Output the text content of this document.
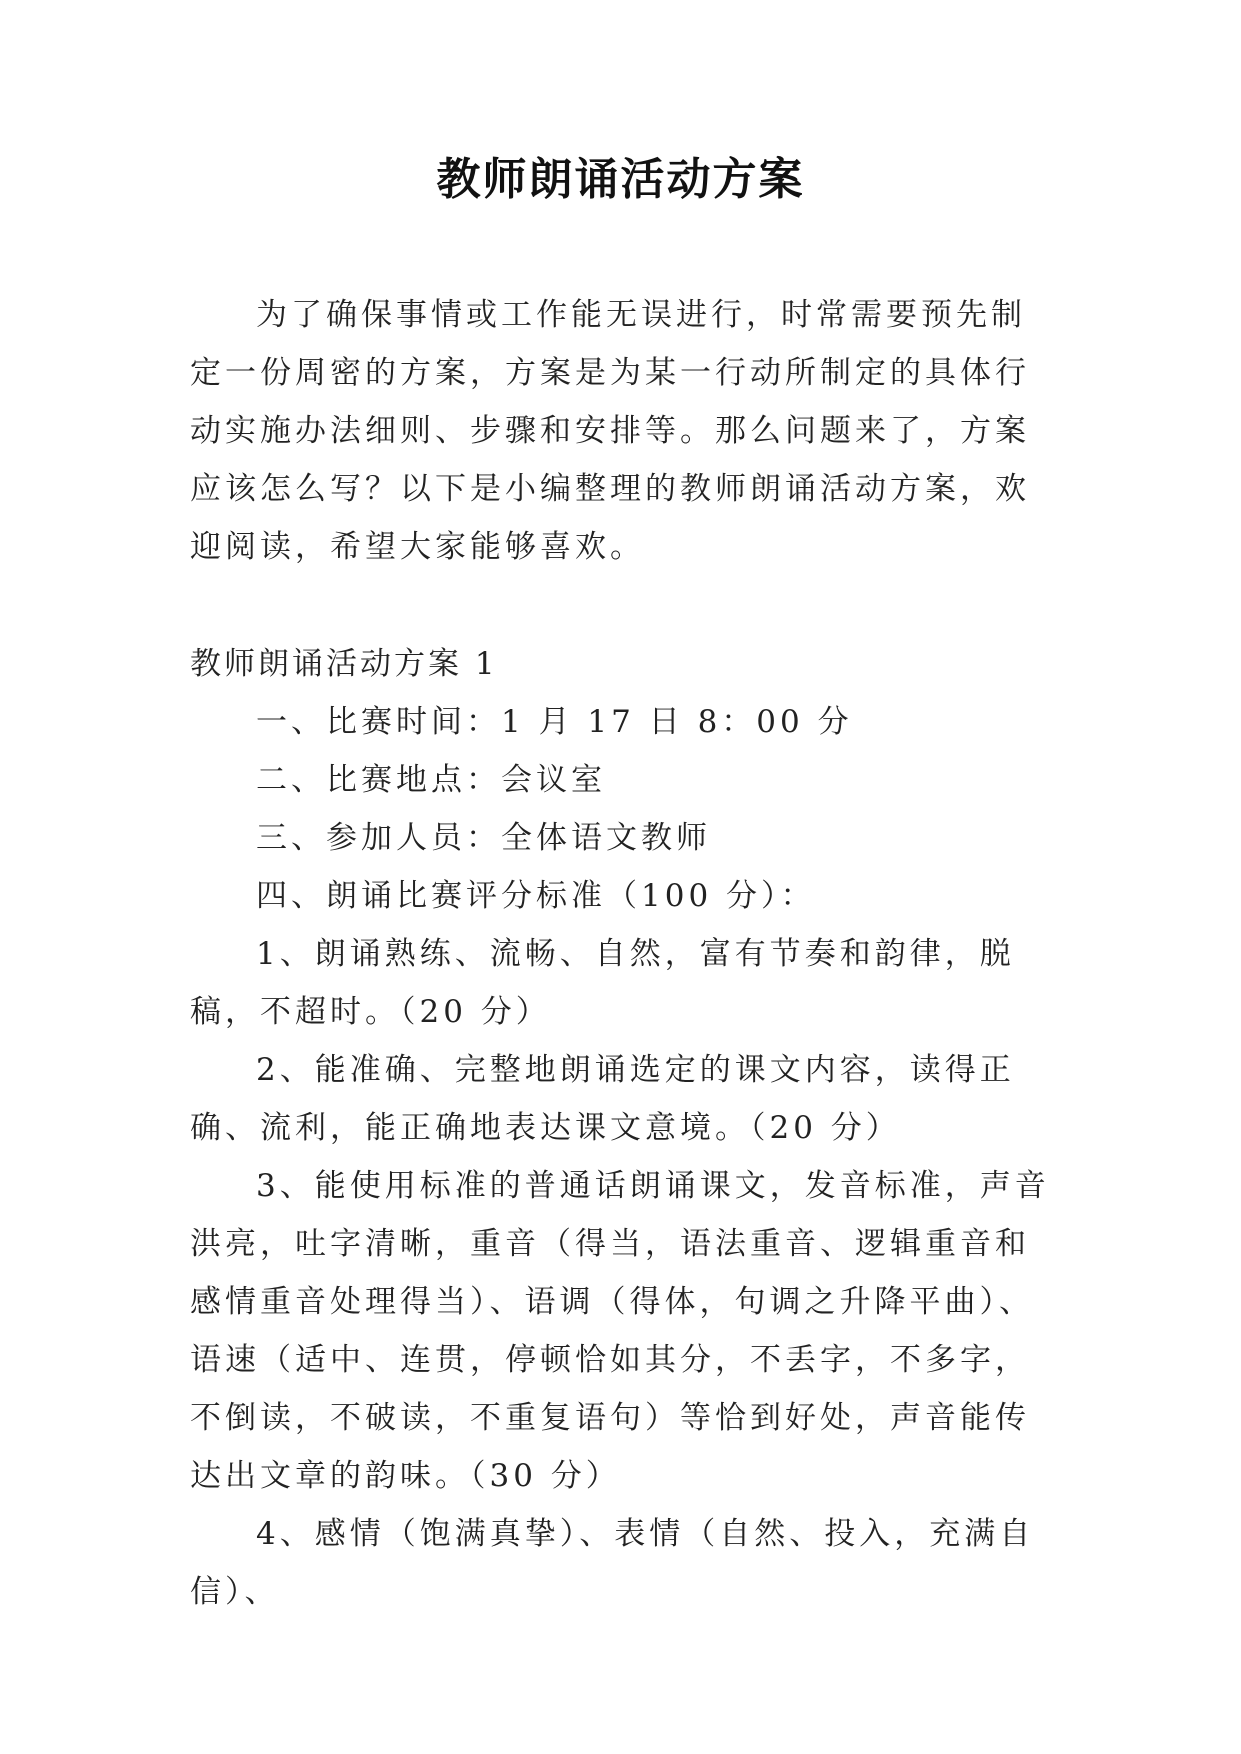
教师朗诵活动方案
为了确保事情或工作能无误进行，时常需要预先制定一份周密的方案，方案是为某一行动所制定的具体行动实施办法细则、步骤和安排等。那么问题来了，方案应该怎么写？以下是小编整理的教师朗诵活动方案，欢迎阅读，希望大家能够喜欢。
教师朗诵活动方案 1

一、比赛时间：1 月 17 日 8：00 分

二、比赛地点：会议室

三、参加人员：全体语文教师

四、朗诵比赛评分标准（100 分）：

1、朗诵熟练、流畅、自然，富有节奏和韵律，脱稿，不超时。（20 分）

2、能准确、完整地朗诵选定的课文内容，读得正确、流利，能正确地表达课文意境。（20 分）

3、能使用标准的普通话朗诵课文，发音标准，声音洪亮，吐字清晰，重音（得当，语法重音、逻辑重音和感情重音处理得当）、语调（得体，句调之升降平曲）、语速（适中、连贯，停顿恰如其分，不丢字，不多字，不倒读，不破读，不重复语句）等恰到好处，声音能传达出文章的韵味。（30 分）

4、感情（饱满真挚）、表情（自然、投入，充满自信）、
